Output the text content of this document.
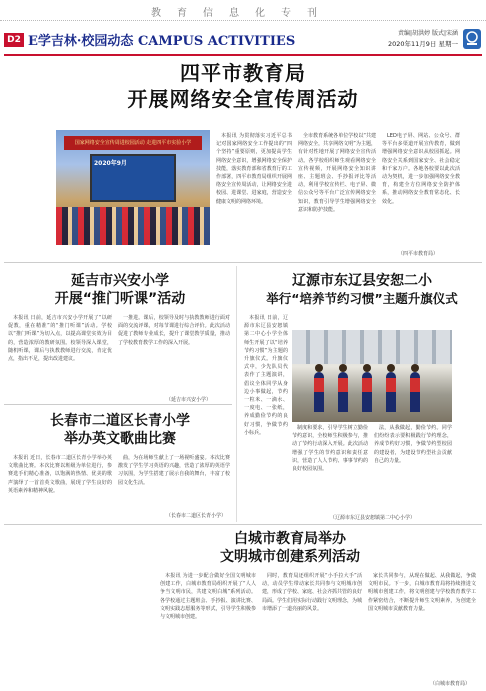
教育信息化专刊
D2 E学吉林·校园动态 CAMPUS ACTIVITIES
责编|胡洪婷 版式|宋涵
2020年11月9日 星期一
四平市教育局
开展网络安全宣传周活动
国家网络安全宣传周进校园活动 走进四平市实验小学
2020年9月

本报讯 为贯彻落实习近平总书记对国家网络安全工作提出的“四个坚持”重要原则，更加提高学生网络安全意识，增强网络安全保护技能，落实教育部和省教育厅的工作部署，四平市教育局组织开展网络安全宣传周活动，让网络安全进校园、进课堂、进家庭，营造安全健康文明的网络环境。

全市教育系统各单位学校以“共建网络安全，共享网络文明”为主题，有针对性地开展了网络安全宣传活动。各学校组织师生观看网络安全宣传视频，开展网络安全知识讲座、主题班会、手抄报评比等活动，利用学校宣传栏、电子屏、微信公众号等平台广泛宣传网络安全知识，教育引导学生增强网络安全意识和防护技能。

LED电子屏、网站、公众号、群等平台多渠道开展宣传教育，做到增强网络安全意识从校园抓起。网络安全关系到国家安全、社会稳定和千家万户。各地各校要以此次活动为契机，进一步加强网络安全教育，构建全方位网络安全防护体系，推动网络安全教育常态化、长效化。

（四平市教育局）
延吉市兴安小学
开展“推门听课”活动

本报讯 日前，延吉市兴安小学开展了“以研促教，重在精准”的“推门听课”活动。学校以“推门听课”为切入点，以提高课堂实效为目的，营造浓厚的教研氛围。校领导深入课堂，随机听课，课后与执教教师进行交流，肯定优点，指出不足，提出改进建议。

一推进。课后，校领导及时与执教教师进行面对面的交流评课，对每节课进行综合评价。此次活动促进了教师专业成长，提升了课堂教学质量，推动了学校教育教学工作的深入开展。

（延吉市兴安小学）
辽源市东辽县安恕二小
举行“培养节约习惯”主题升旗仪式

本报讯 日前，辽源市东辽县安恕镇第二中心小学全体师生开展了以“培养节约习惯”为主题的升旗仪式。升旗仪式中，少先队员代表作了主题演讲，倡议全体同学从身边小事做起，节约一粒米、一滴水、一度电、一张纸，养成勤俭节约的良好习惯，争做节约小标兵。

制度和要求，引导学生树立勤俭节约意识，全校师生积极参与，推动了节约行动深入开展。此次活动增强了学生的节约意识和责任意识，营造了人人节约、事事节约的良好校园氛围。

法，从我做起，勤俭节约。同学们纷纷表示要积极践行节约理念，养成节约好习惯，争做节约型校园的建设者，为建设节约型社会贡献自己的力量。

（辽源市东辽县安恕镇第二中心小学）
长春市二道区长青小学
举办英文歌曲比赛

本报讯 近日，长春市二道区长青小学举办英文歌曲比赛。本次比赛以班级为单位进行，参赛选手们精心准备，以饱满的热情、优美的歌声演绎了一首首英文歌曲，展现了学生良好的英语素养和精神风貌。

曲，为在场师生献上了一场视听盛宴。本次比赛激发了学生学习英语的兴趣，营造了浓厚的英语学习氛围，为学生搭建了展示自我的舞台，丰富了校园文化生活。

（长春市二道区长青小学）
白城市教育局举办
文明城市创建系列活动

本报讯 为进一步配合做好全国文明城市创建工作，白城市教育局组织开展了“人人争当文明市民，共建文明白城”系列活动。各学校通过主题班会、手抄报、演讲比赛、文明实践志愿服务等形式，引导学生积极参与文明城市创建。

同时，教育局还组织开展“小手拉大手”活动，动员学生带动家长共同参与文明城市创建，形成了学校、家庭、社会齐抓共管的良好局面。学生们用实际行动践行文明理念，为城市增添了一道亮丽的风景。

家长共同参与，从现在做起、从我做起，争做文明市民。下一步，白城市教育局将持续推进文明城市创建工作，将文明创建与学校教育教学工作紧密结合，不断提升师生文明素养，为创建全国文明城市贡献教育力量。

（白城市教育局）
